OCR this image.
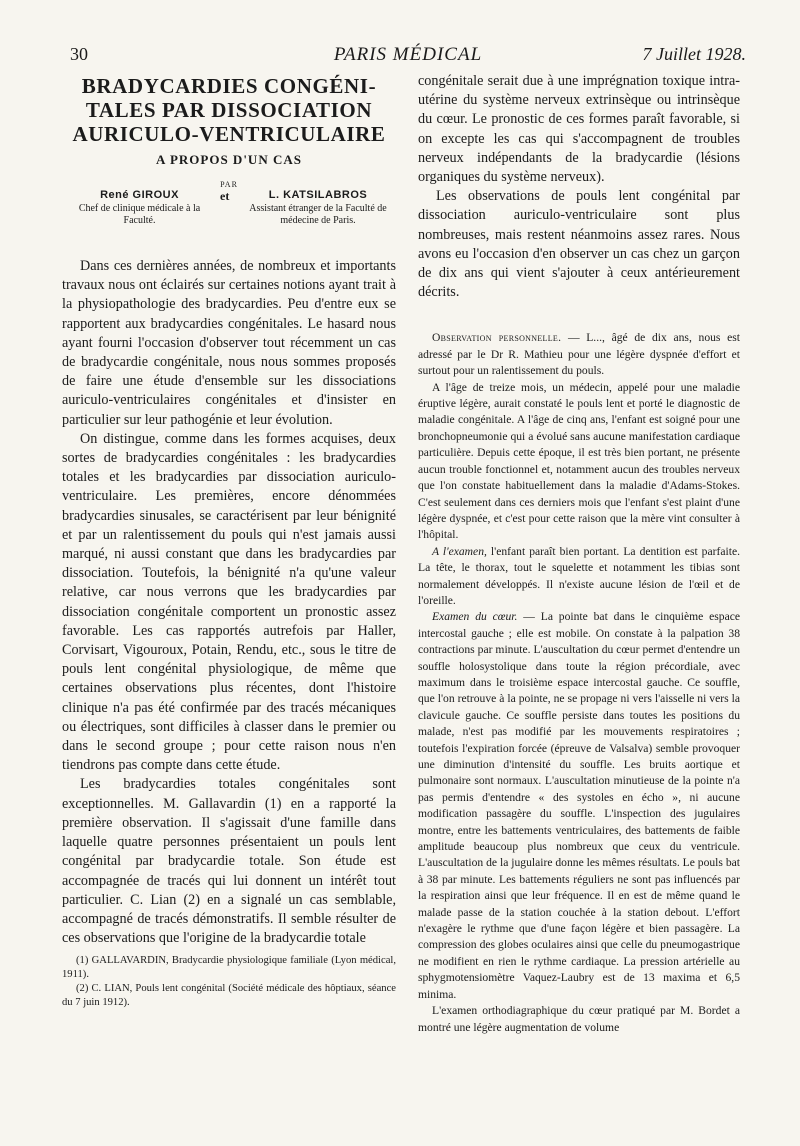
30	PARIS MÉDICAL	7 Juillet 1928.
BRADYCARDIES CONGÉNI-
TALES PAR DISSOCIATION
AURICULO-VENTRICULAIRE
A PROPOS D'UN CAS
PAR
René GIROUX
Chef de clinique médicale à la Faculté.
et	L. KATSILABROS
Assistant étranger de la Faculté de médecine de Paris.

Dans ces dernières années, de nombreux et importants travaux nous ont éclairés sur certaines notions ayant trait à la physiopathologie des bradycardies. Peu d'entre eux se rapportent aux bradycardies congénitales. Le hasard nous ayant fourni l'occasion d'observer tout récemment un cas de bradycardie congénitale, nous nous sommes proposés de faire une étude d'ensemble sur les dissociations auriculo-ventriculaires congénitales et d'insister en particulier sur leur pathogénie et leur évolution.

On distingue, comme dans les formes acquises, deux sortes de bradycardies congénitales : les bradycardies totales et les bradycardies par dissociation auriculo-ventriculaire. Les premières, encore dénommées bradycardies sinusales, se caractérisent par leur bénignité et par un ralentissement du pouls qui n'est jamais aussi marqué, ni aussi constant que dans les bradycardies par dissociation. Toutefois, la bénignité n'a qu'une valeur relative, car nous verrons que les bradycardies par dissociation congénitale comportent un pronostic assez favorable. Les cas rapportés autrefois par Haller, Corvisart, Vigouroux, Potain, Rendu, etc., sous le titre de pouls lent congénital physiologique, de même que certaines observations plus récentes, dont l'histoire clinique n'a pas été confirmée par des tracés mécaniques ou électriques, sont difficiles à classer dans le premier ou dans le second groupe ; pour cette raison nous n'en tiendrons pas compte dans cette étude.

Les bradycardies totales congénitales sont exceptionnelles. M. Gallavardin (1) en a rapporté la première observation. Il s'agissait d'une famille dans laquelle quatre personnes présentaient un pouls lent congénital par bradycardie totale. Son étude est accompagnée de tracés qui lui donnent un intérêt tout particulier. C. Lian (2) en a signalé un cas semblable, accompagné de tracés démonstratifs. Il semble résulter de ces observations que l'origine de la bradycardie totale

(1) GALLAVARDIN, Bradycardie physiologique familiale (Lyon médical, 1911).

(2) C. LIAN, Pouls lent congénital (Société médicale des hôptiaux, séance du 7 juin 1912).

congénitale serait due à une imprégnation toxique intra-utérine du système nerveux extrinsèque ou intrinsèque du cœur. Le pronostic de ces formes paraît favorable, si on excepte les cas qui s'accompagnent de troubles nerveux indépendants de la bradycardie (lésions organiques du système nerveux).

Les observations de pouls lent congénital par dissociation auriculo-ventriculaire sont plus nombreuses, mais restent néanmoins assez rares. Nous avons eu l'occasion d'en observer un cas chez un garçon de dix ans qui vient s'ajouter à ceux antérieurement décrits.

Observation personnelle. — L..., âgé de dix ans, nous est adressé par le Dr R. Mathieu pour une légère dyspnée d'effort et surtout pour un ralentissement du pouls.

A l'âge de treize mois, un médecin, appelé pour une maladie éruptive légère, aurait constaté le pouls lent et porté le diagnostic de maladie congénitale. A l'âge de cinq ans, l'enfant est soigné pour une bronchopneumonie qui a évolué sans aucune manifestation cardiaque particulière. Depuis cette époque, il est très bien portant, ne présente aucun trouble fonctionnel et, notamment aucun des troubles nerveux que l'on constate habituellement dans la maladie d'Adams-Stokes. C'est seulement dans ces derniers mois que l'enfant s'est plaint d'une légère dyspnée, et c'est pour cette raison que la mère vint consulter à l'hôpital.

A l'examen, l'enfant paraît bien portant. La dentition est parfaite. La tête, le thorax, tout le squelette et notamment les tibias sont normalement développés. Il n'existe aucune lésion de l'œil et de l'oreille.

Examen du cœur. — La pointe bat dans le cinquième espace intercostal gauche ; elle est mobile. On constate à la palpation 38 contractions par minute. L'auscultation du cœur permet d'entendre un souffle holosystolique dans toute la région précordiale, avec maximum dans le troisième espace intercostal gauche. Ce souffle, que l'on retrouve à la pointe, ne se propage ni vers l'aisselle ni vers la clavicule gauche. Ce souffle persiste dans toutes les positions du malade, n'est pas modifié par les mouvements respiratoires ; toutefois l'expiration forcée (épreuve de Valsalva) semble provoquer une diminution d'intensité du souffle. Les bruits aortique et pulmonaire sont normaux. L'auscultation minutieuse de la pointe n'a pas permis d'entendre « des systoles en écho », ni aucune modification passagère du souffle. L'inspection des jugulaires montre, entre les battements ventriculaires, des battements de faible amplitude beaucoup plus nombreux que ceux du ventricule. L'auscultation de la jugulaire donne les mêmes résultats. Le pouls bat à 38 par minute. Les battements réguliers ne sont pas influencés par la respiration ainsi que leur fréquence. Il en est de même quand le malade passe de la station couchée à la station debout. L'effort n'exagère le rythme que d'une façon légère et bien passagère. La compression des globes oculaires ainsi que celle du pneumogastrique ne modifient en rien le rythme cardiaque. La pression artérielle au sphygmotensiomètre Vaquez-Laubry est de 13 maxima et 6,5 minima.

L'examen orthodiagraphique du cœur pratiqué par M. Bordet a montré une légère augmentation de volume
